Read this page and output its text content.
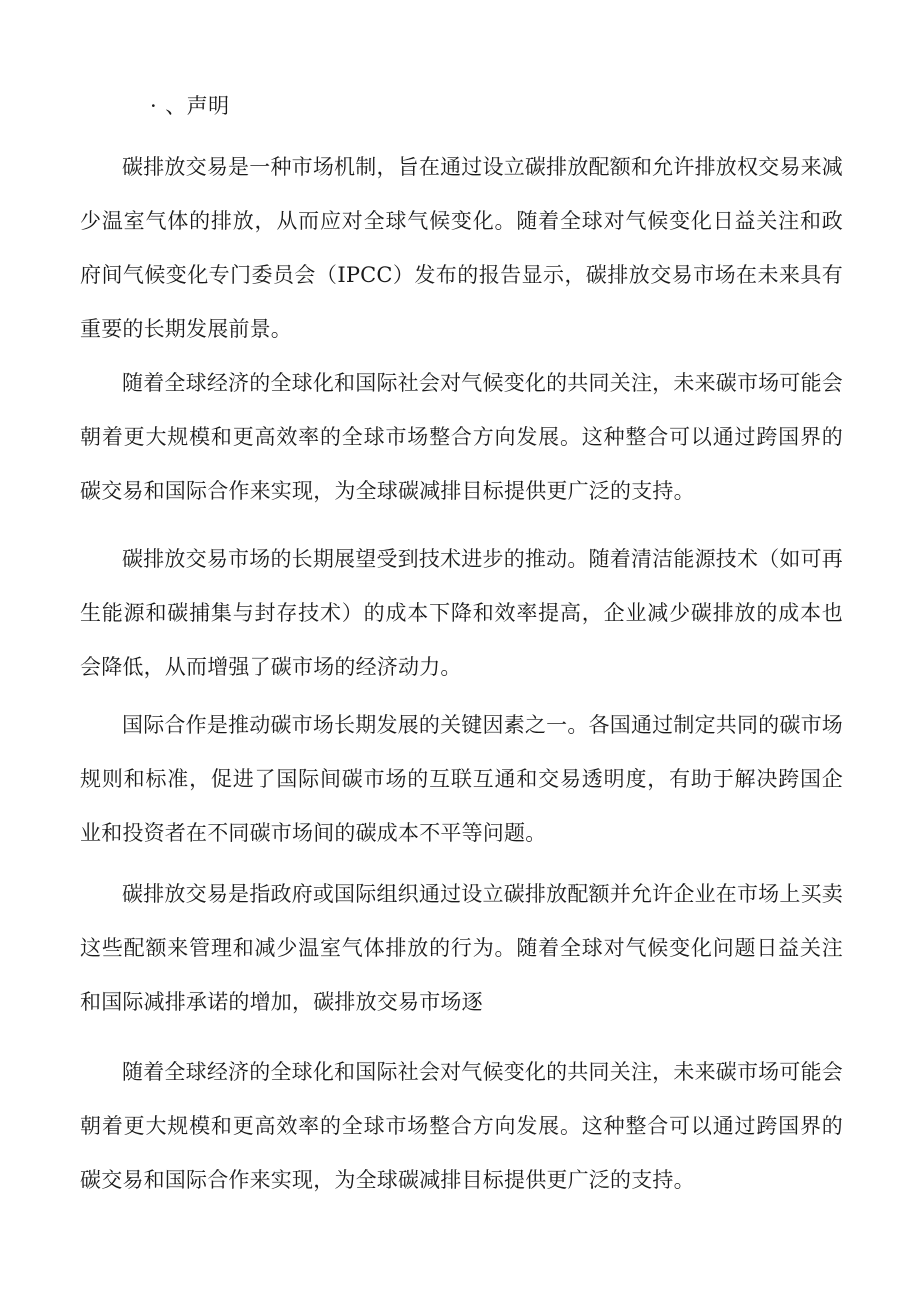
· 、声明

碳排放交易是一种市场机制，旨在通过设立碳排放配额和允许排放权交易来减少温室气体的排放，从而应对全球气候变化。随着全球对气候变化日益关注和政府间气候变化专门委员会（IPCC）发布的报告显示，碳排放交易市场在未来具有重要的长期发展前景。

随着全球经济的全球化和国际社会对气候变化的共同关注，未来碳市场可能会朝着更大规模和更高效率的全球市场整合方向发展。这种整合可以通过跨国界的碳交易和国际合作来实现，为全球碳减排目标提供更广泛的支持。

碳排放交易市场的长期展望受到技术进步的推动。随着清洁能源技术（如可再生能源和碳捕集与封存技术）的成本下降和效率提高，企业减少碳排放的成本也会降低，从而增强了碳市场的经济动力。

国际合作是推动碳市场长期发展的关键因素之一。各国通过制定共同的碳市场规则和标准，促进了国际间碳市场的互联互通和交易透明度，有助于解决跨国企业和投资者在不同碳市场间的碳成本不平等问题。

碳排放交易是指政府或国际组织通过设立碳排放配额并允许企业在市场上买卖这些配额来管理和减少温室气体排放的行为。随着全球对气候变化问题日益关注和国际减排承诺的增加，碳排放交易市场逐

随着全球经济的全球化和国际社会对气候变化的共同关注，未来碳市场可能会朝着更大规模和更高效率的全球市场整合方向发展。这种整合可以通过跨国界的碳交易和国际合作来实现，为全球碳减排目标提供更广泛的支持。
